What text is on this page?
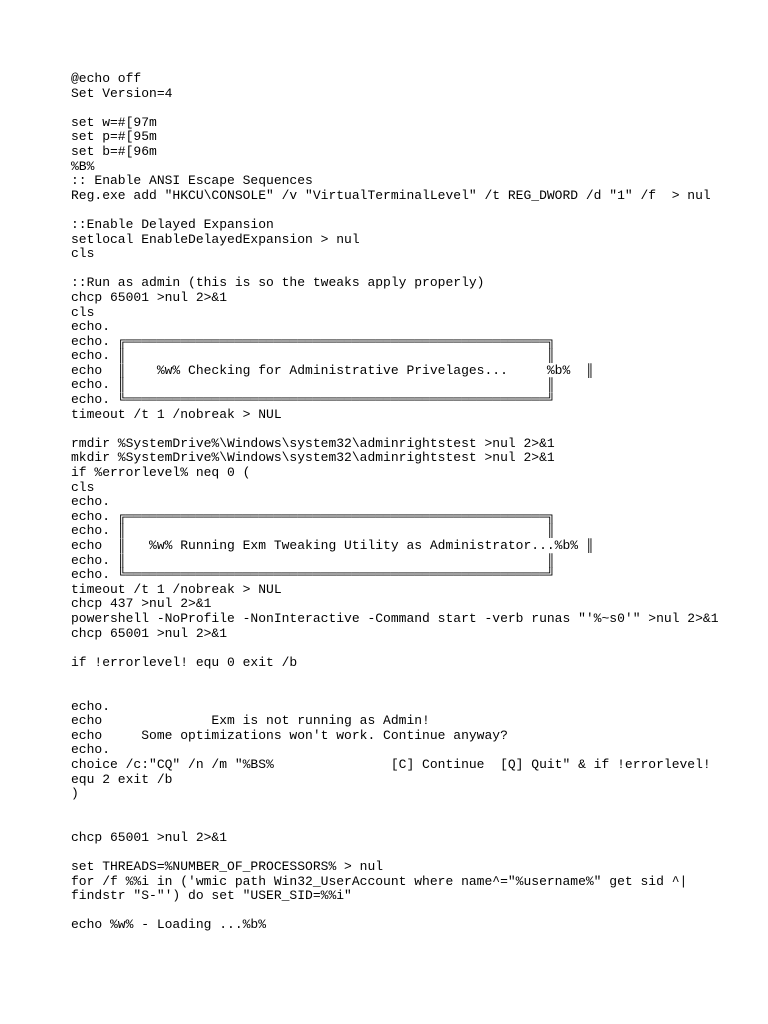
@echo off
Set Version=4
set w=#[97m
set p=#[95m
set b=#[96m
%B%
:: Enable ANSI Escape Sequences
Reg.exe add "HKCU\CONSOLE" /v "VirtualTerminalLevel" /t REG_DWORD /d "1" /f  > nul
::Enable Delayed Expansion
setlocal EnableDelayedExpansion > nul
cls
::Run as admin (this is so the tweaks apply properly)
chcp 65001 >nul 2>&1
cls
echo.
echo. ╔══════════════════════════════════════════════════════╗
echo. ║                                                      ║
echo  ║    %w% Checking for Administrative Privelages...     %b%  ║
echo. ║                                                      ║
echo. ╚══════════════════════════════════════════════════════╝
timeout /t 1 /nobreak > NUL
rmdir %SystemDrive%\Windows\system32\adminrightstest >nul 2>&1
mkdir %SystemDrive%\Windows\system32\adminrightstest >nul 2>&1
if %errorlevel% neq 0 (
cls
echo.
echo. ╔══════════════════════════════════════════════════════╗
echo. ║                                                      ║
echo  ║   %w% Running Exm Tweaking Utility as Administrator...%b% ║
echo. ║                                                      ║
echo. ╚══════════════════════════════════════════════════════╝
timeout /t 1 /nobreak > NUL
chcp 437 >nul 2>&1
powershell -NoProfile -NonInteractive -Command start -verb runas "'%~s0'" >nul 2>&1
chcp 65001 >nul 2>&1
if !errorlevel! equ 0 exit /b
echo.
echo              Exm is not running as Admin!
echo     Some optimizations won't work. Continue anyway?
echo.
choice /c:"CQ" /n /m "%BS%               [C] Continue  [Q] Quit" & if !errorlevel!
equ 2 exit /b
)
chcp 65001 >nul 2>&1
set THREADS=%NUMBER_OF_PROCESSORS% > nul
for /f %%i in ('wmic path Win32_UserAccount where name^="%username%" get sid ^|
findstr "S-"') do set "USER_SID=%%i"
echo %w% - Loading ...%b%
